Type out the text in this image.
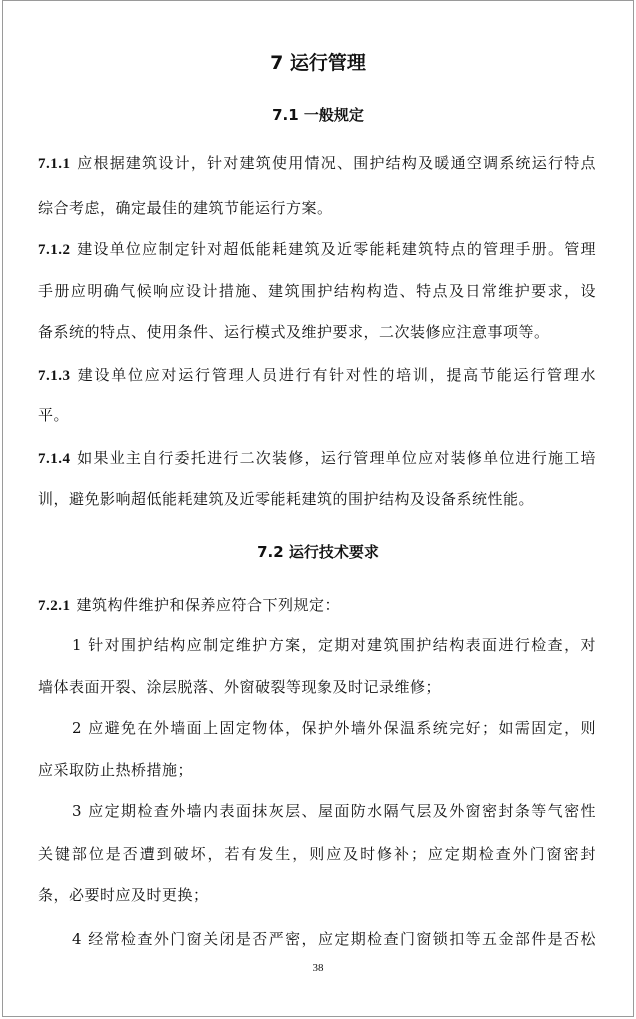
7 运行管理
7.1 一般规定
7.1.1 应根据建筑设计，针对建筑使用情况、围护结构及暖通空调系统运行特点
综合考虑，确定最佳的建筑节能运行方案。
7.1.2 建设单位应制定针对超低能耗建筑及近零能耗建筑特点的管理手册。管理
手册应明确气候响应设计措施、建筑围护结构构造、特点及日常维护要求，设
备系统的特点、使用条件、运行模式及维护要求，二次装修应注意事项等。
7.1.3 建设单位应对运行管理人员进行有针对性的培训，提高节能运行管理水
平。
7.1.4 如果业主自行委托进行二次装修，运行管理单位应对装修单位进行施工培
训，避免影响超低能耗建筑及近零能耗建筑的围护结构及设备系统性能。
7.2 运行技术要求
7.2.1 建筑构件维护和保养应符合下列规定：
1 针对围护结构应制定维护方案，定期对建筑围护结构表面进行检查，对
墙体表面开裂、涂层脱落、外窗破裂等现象及时记录维修；
2 应避免在外墙面上固定物体，保护外墙外保温系统完好；如需固定，则
应采取防止热桥措施；
3 应定期检查外墙内表面抹灰层、屋面防水隔气层及外窗密封条等气密性
关键部位是否遭到破坏，若有发生，则应及时修补；应定期检查外门窗密封
条，必要时应及时更换；
4 经常检查外门窗关闭是否严密，应定期检查门窗锁扣等五金部件是否松
38
